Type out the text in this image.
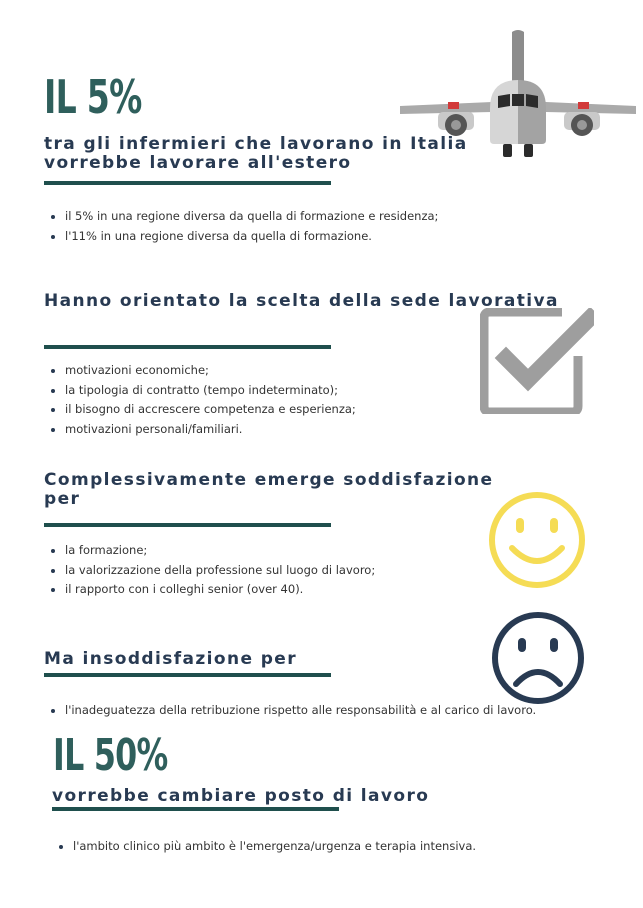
IL 5%
tra gli infermieri che lavorano in Italia
vorrebbe lavorare all'estero
• il 5% in una regione diversa da quella di formazione e residenza;
• l'11% in una regione diversa da quella di formazione.
Hanno orientato la scelta della sede lavorativa
• motivazioni economiche;
• la tipologia di contratto (tempo indeterminato);
• il bisogno di accrescere competenza e esperienza;
• motivazioni personali/familiari.
Complessivamente emerge soddisfazione
per
• la formazione;
• la valorizzazione della professione sul luogo di lavoro;
• il rapporto con i colleghi senior (over 40).
Ma insoddisfazione per
• l'inadeguatezza della retribuzione rispetto alle responsabilità e al carico di lavoro.
IL 50%
vorrebbe cambiare posto di lavoro
• l'ambito clinico più ambito è l'emergenza/urgenza e terapia intensiva.
